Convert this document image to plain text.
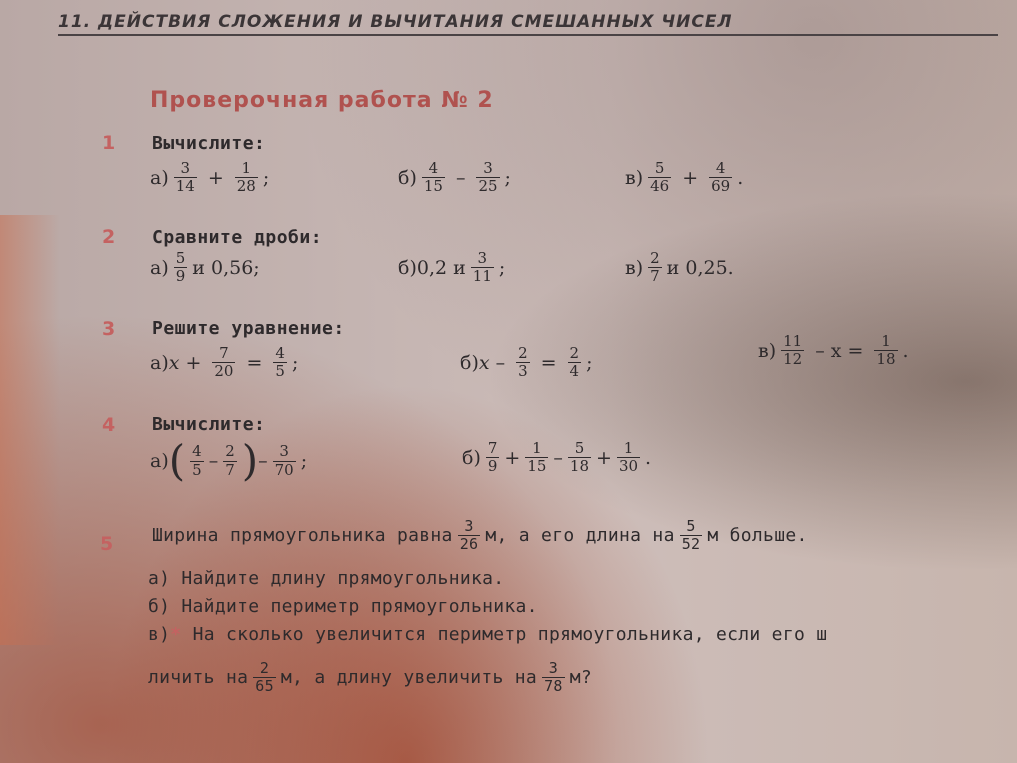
11. ДЕЙСТВИЯ СЛОЖЕНИЯ И ВЫЧИТАНИЯ СМЕШАННЫХ ЧИСЕЛ
Проверочная работа № 2
1 Вычислите:
$а) \frac{3}{14} + \frac{1}{28}$ ;	$б) \frac{4}{15} - \frac{3}{25}$ ;	$в) \frac{5}{46} + \frac{4}{69}$ .
2 Сравните дроби:
$а) \frac{5}{9}$ и 0,56;	б) 0,2 и $\frac{3}{11}$ ;	$в) \frac{2}{7}$ и 0,25.
3 Решите уравнение:
а) $x + \frac{7}{20} = \frac{4}{5}$ ;	б) $x - \frac{2}{3} = \frac{2}{4}$ ;
$в) \frac{11}{12} - x = \frac{1}{18}$ .
4 Вычислите:
а) ( $\frac{4}{5} - \frac{2}{7}$ ) – $\frac{3}{70}$ ;	$б) \frac{7}{9} + \frac{1}{15} - \frac{5}{18} + \frac{1}{30}$ .
5 Ширина прямоугольника равна $\frac{3}{26} м$, а его длина на $\frac{5}{52}$ м больше.
а) Найдите длину прямоугольника.
б) Найдите периметр прямоугольника.
в)* На сколько увеличится периметр прямоугольника, если его ш
личить на $\frac{2}{65} м$, а длину увеличить на $\frac{3}{78} м$?
